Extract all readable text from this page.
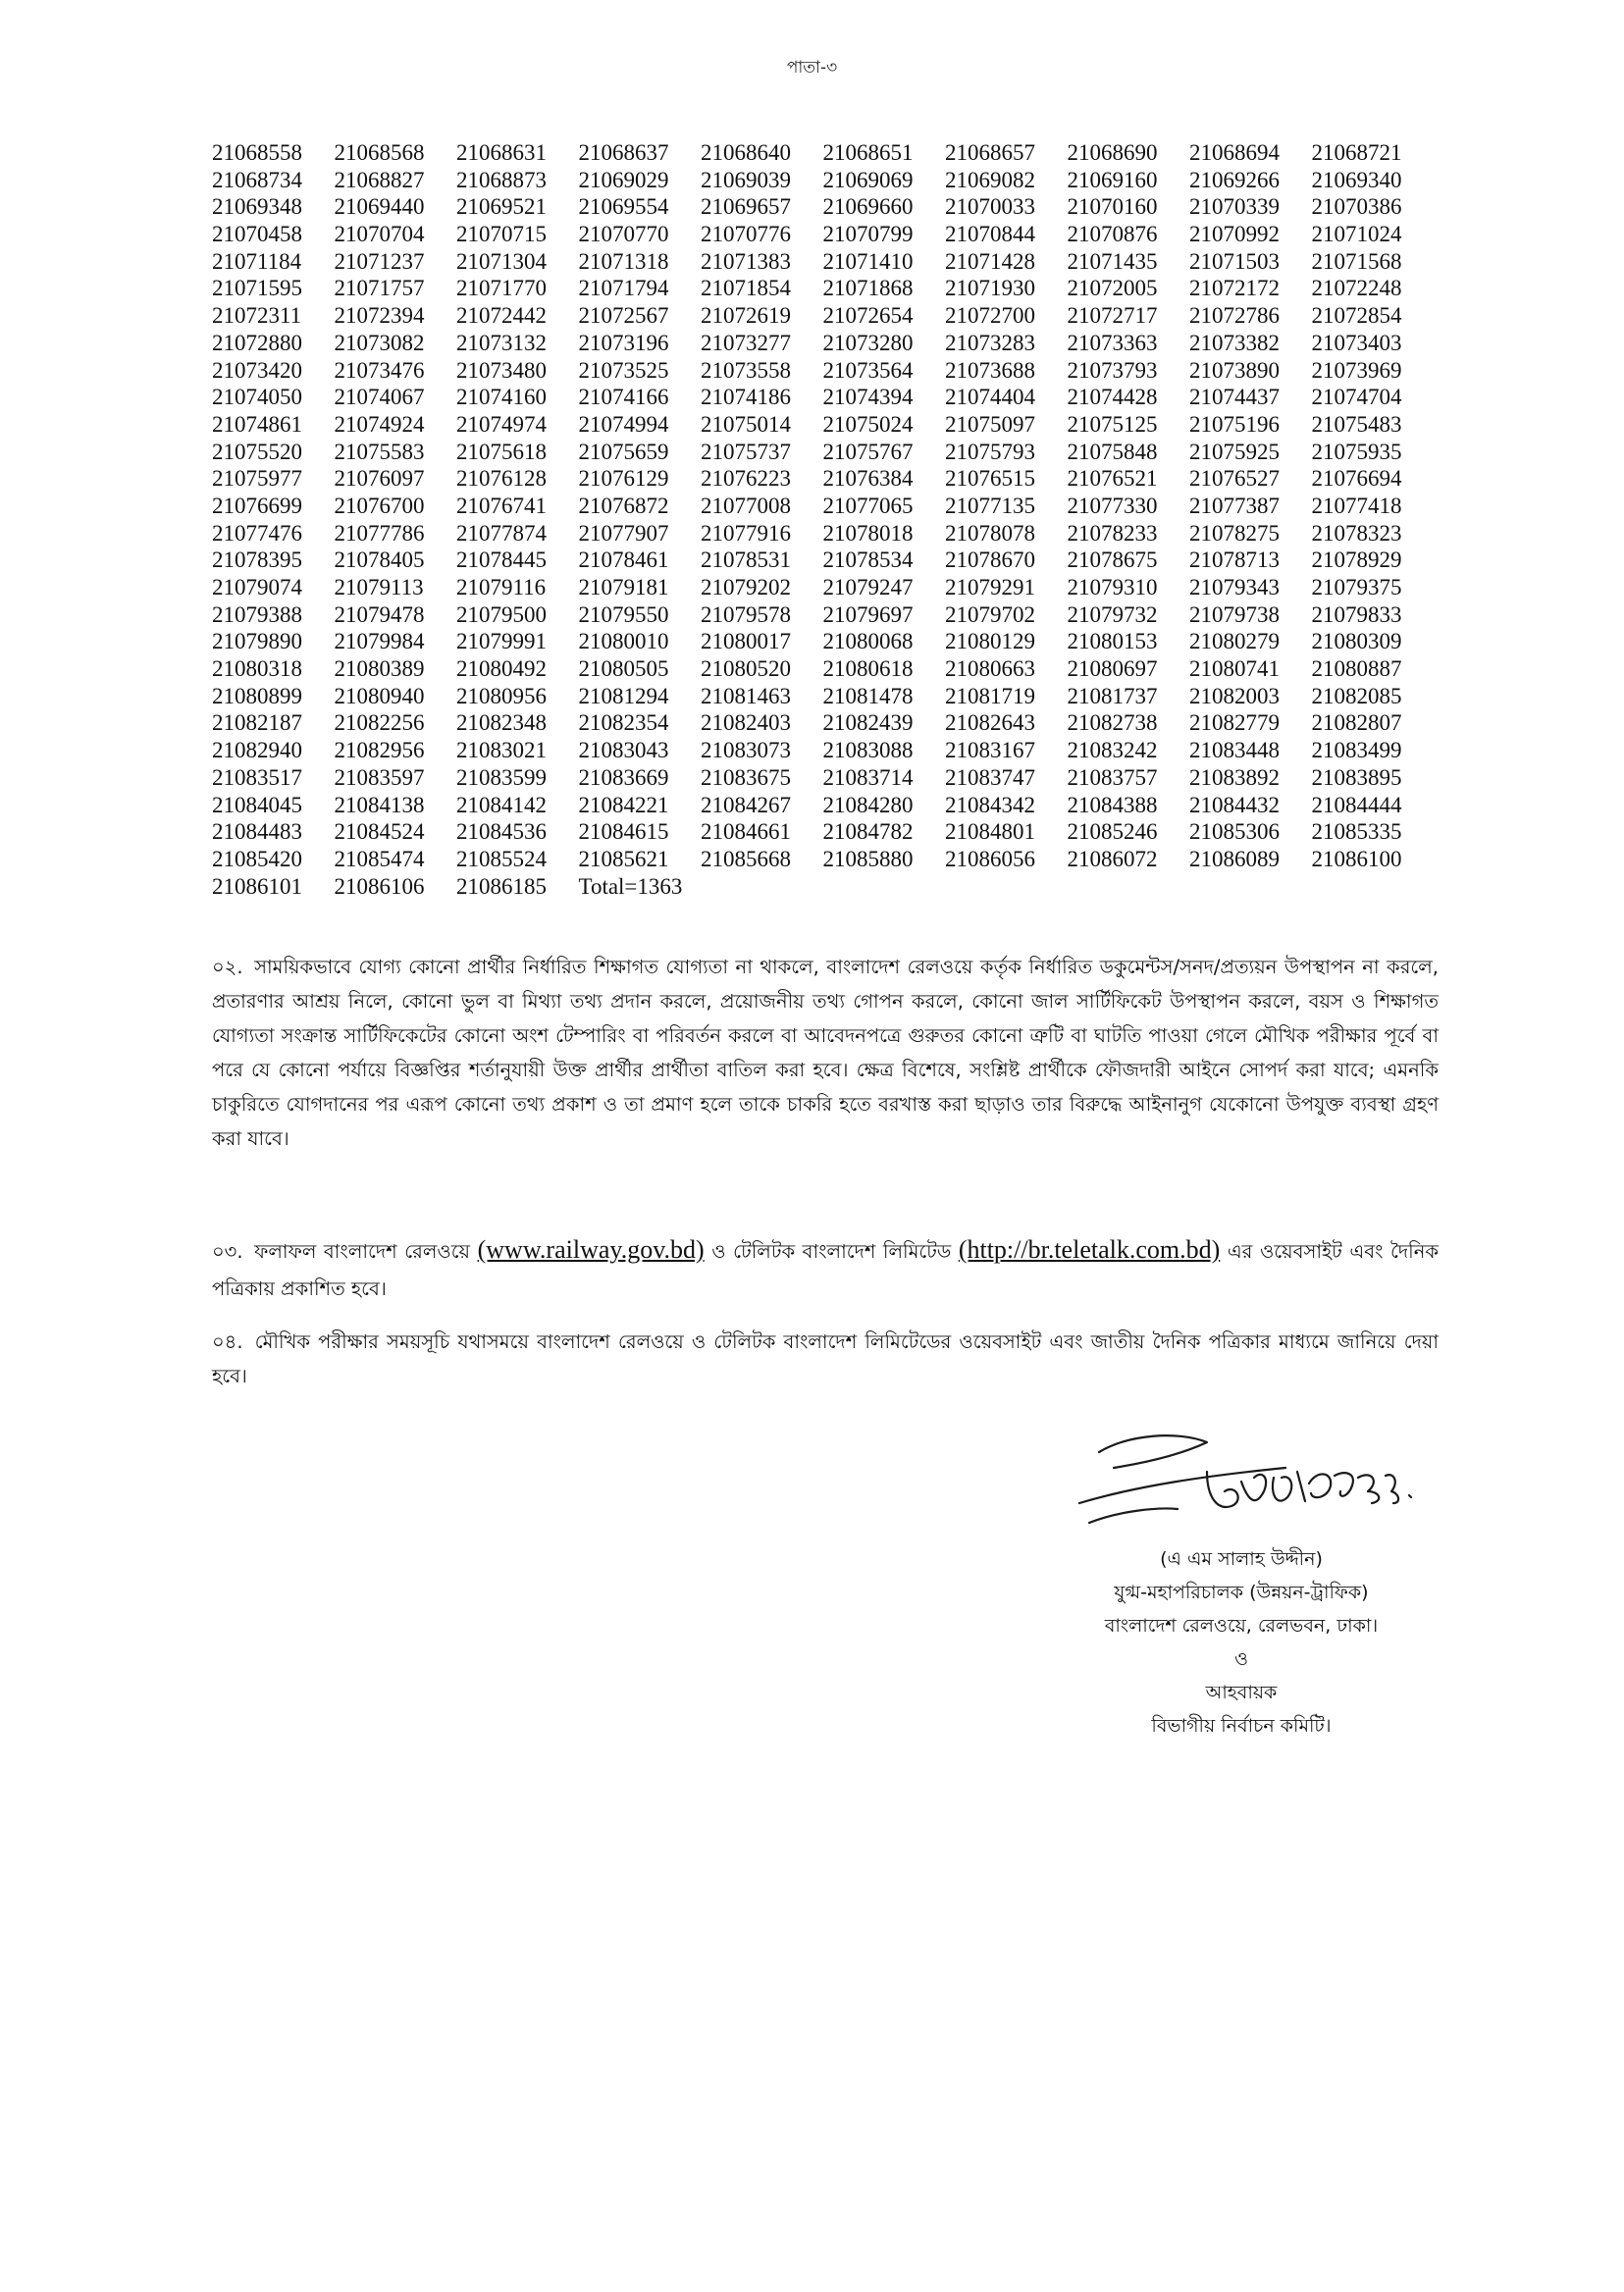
পাতা-৩
21068558	21068568	21068631	21068637	21068640	21068651	21068657	21068690	21068694	21068721
21068734	21068827	21068873	21069029	21069039	21069069	21069082	21069160	21069266	21069340
21069348	21069440	21069521	21069554	21069657	21069660	21070033	21070160	21070339	21070386
21070458	21070704	21070715	21070770	21070776	21070799	21070844	21070876	21070992	21071024
21071184	21071237	21071304	21071318	21071383	21071410	21071428	21071435	21071503	21071568
21071595	21071757	21071770	21071794	21071854	21071868	21071930	21072005	21072172	21072248
21072311	21072394	21072442	21072567	21072619	21072654	21072700	21072717	21072786	21072854
21072880	21073082	21073132	21073196	21073277	21073280	21073283	21073363	21073382	21073403
21073420	21073476	21073480	21073525	21073558	21073564	21073688	21073793	21073890	21073969
21074050	21074067	21074160	21074166	21074186	21074394	21074404	21074428	21074437	21074704
21074861	21074924	21074974	21074994	21075014	21075024	21075097	21075125	21075196	21075483
21075520	21075583	21075618	21075659	21075737	21075767	21075793	21075848	21075925	21075935
21075977	21076097	21076128	21076129	21076223	21076384	21076515	21076521	21076527	21076694
21076699	21076700	21076741	21076872	21077008	21077065	21077135	21077330	21077387	21077418
21077476	21077786	21077874	21077907	21077916	21078018	21078078	21078233	21078275	21078323
21078395	21078405	21078445	21078461	21078531	21078534	21078670	21078675	21078713	21078929
21079074	21079113	21079116	21079181	21079202	21079247	21079291	21079310	21079343	21079375
21079388	21079478	21079500	21079550	21079578	21079697	21079702	21079732	21079738	21079833
21079890	21079984	21079991	21080010	21080017	21080068	21080129	21080153	21080279	21080309
21080318	21080389	21080492	21080505	21080520	21080618	21080663	21080697	21080741	21080887
21080899	21080940	21080956	21081294	21081463	21081478	21081719	21081737	21082003	21082085
21082187	21082256	21082348	21082354	21082403	21082439	21082643	21082738	21082779	21082807
21082940	21082956	21083021	21083043	21083073	21083088	21083167	21083242	21083448	21083499
21083517	21083597	21083599	21083669	21083675	21083714	21083747	21083757	21083892	21083895
21084045	21084138	21084142	21084221	21084267	21084280	21084342	21084388	21084432	21084444
21084483	21084524	21084536	21084615	21084661	21084782	21084801	21085246	21085306	21085335
21085420	21085474	21085524	21085621	21085668	21085880	21086056	21086072	21086089	21086100
21086101	21086106	21086185	Total=1363
০২. সাময়িকভাবে যোগ্য কোনো প্রার্থীর নির্ধারিত শিক্ষাগত যোগ্যতা না থাকলে, বাংলাদেশ রেলওয়ে কর্তৃক নির্ধারিত ডকুমেন্টস/সনদ/প্রত্যয়ন উপস্থাপন না করলে, প্রতারণার আশ্রয় নিলে, কোনো ভুল বা মিথ্যা তথ্য প্রদান করলে, প্রয়োজনীয় তথ্য গোপন করলে, কোনো জাল সার্টিফিকেট উপস্থাপন করলে, বয়স ও শিক্ষাগত যোগ্যতা সংক্রান্ত সার্টিফিকেটের কোনো অংশ টেম্পারিং বা পরিবর্তন করলে বা আবেদনপত্রে গুরুতর কোনো ত্রুটি বা ঘাটতি পাওয়া গেলে মৌখিক পরীক্ষার পূর্বে বা পরে যে কোনো পর্যায়ে বিজ্ঞপ্তির শর্তানুযায়ী উক্ত প্রার্থীর প্রার্থীতা বাতিল করা হবে। ক্ষেত্র বিশেষে, সংশ্লিষ্ট প্রার্থীকে ফৌজদারী আইনে সোপর্দ করা যাবে; এমনকি চাকুরিতে যোগদানের পর এরূপ কোনো তথ্য প্রকাশ ও তা প্রমাণ হলে তাকে চাকরি হতে বরখাস্ত করা ছাড়াও তার বিরুদ্ধে আইনানুগ যেকোনো উপযুক্ত ব্যবস্থা গ্রহণ করা যাবে।
০৩. ফলাফল বাংলাদেশ রেলওয়ে (www.railway.gov.bd) ও টেলিটক বাংলাদেশ লিমিটেড (http://br.teletalk.com.bd) এর ওয়েবসাইট এবং দৈনিক পত্রিকায় প্রকাশিত হবে।
০৪. মৌখিক পরীক্ষার সময়সূচি যথাসময়ে বাংলাদেশ রেলওয়ে ও টেলিটক বাংলাদেশ লিমিটেডের ওয়েবসাইট এবং জাতীয় দৈনিক পত্রিকার মাধ্যমে জানিয়ে দেয়া হবে।
(এ এম সালাহ উদ্দীন)
যুগ্ম-মহাপরিচালক (উন্নয়ন-ট্রাফিক)
বাংলাদেশ রেলওয়ে, রেলভবন, ঢাকা।
ও
আহবায়ক
বিভাগীয় নির্বাচন কমিটি।
